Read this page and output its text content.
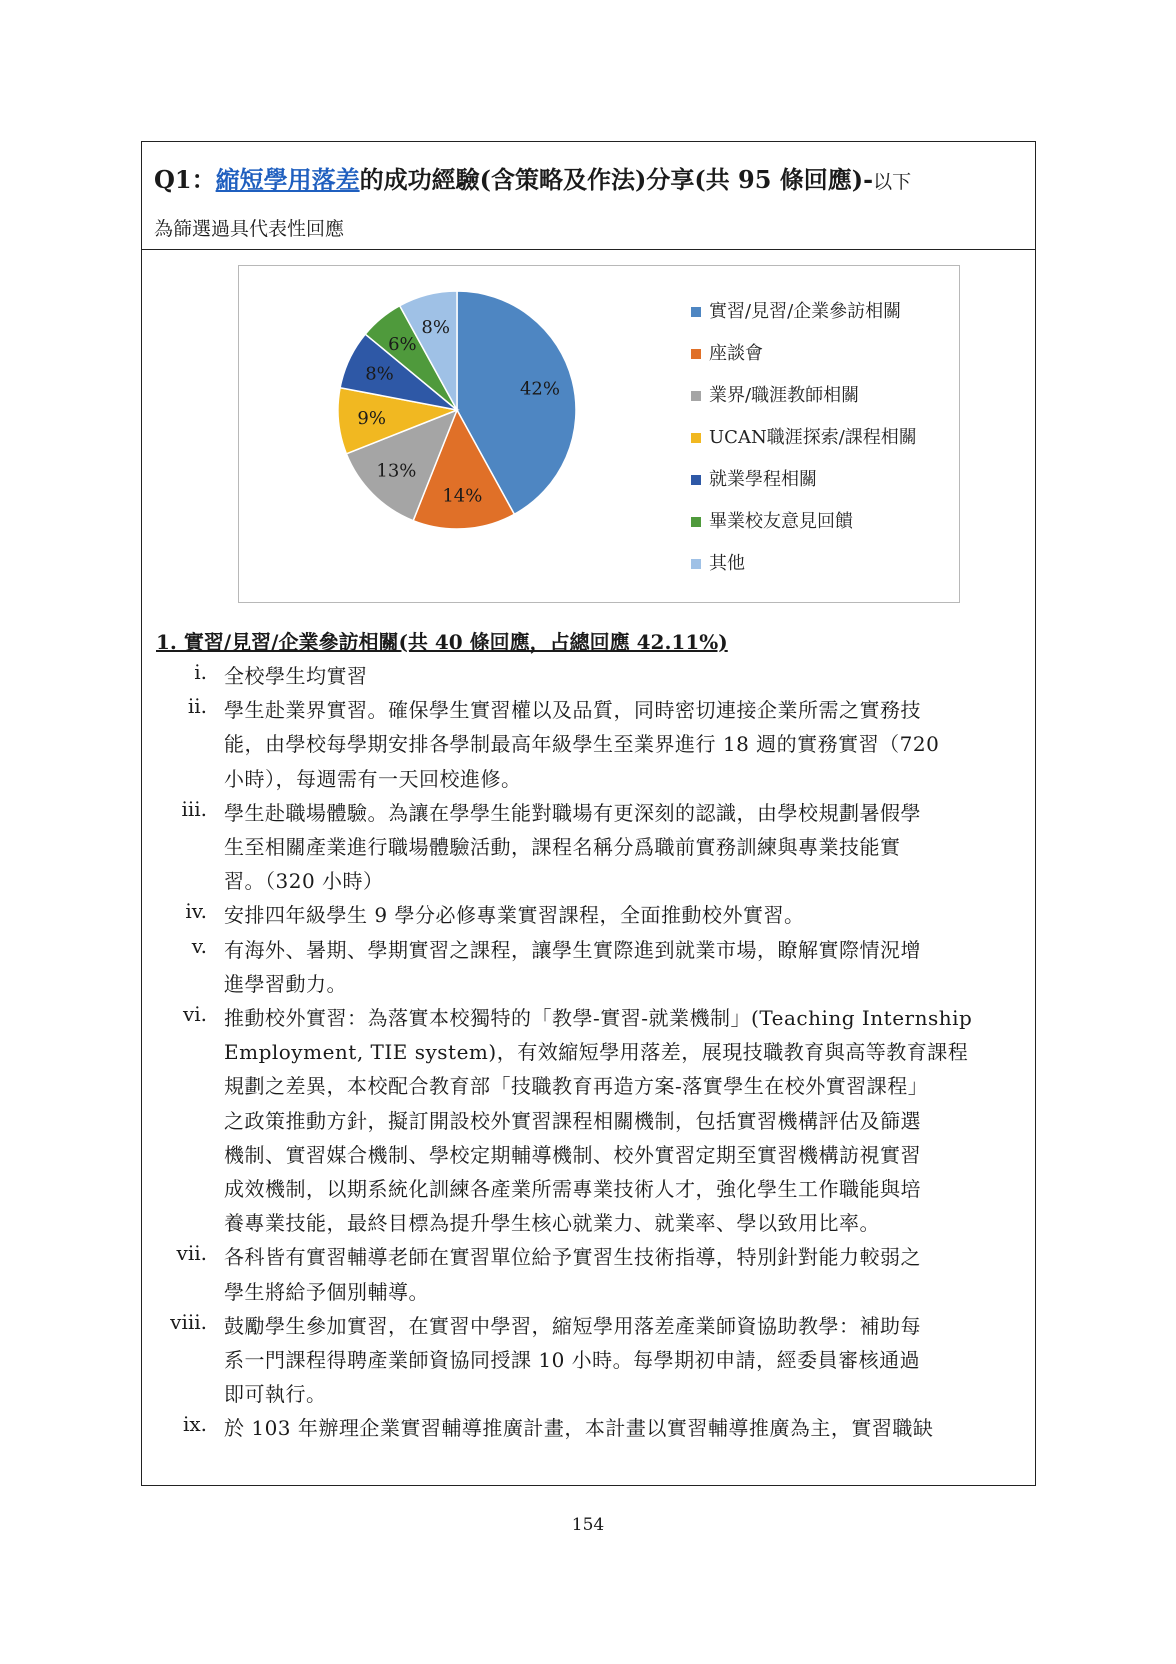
Q1：縮短學用落差的成功經驗(含策略及作法)分享(共 95 條回應)-以下
為篩選過具代表性回應
42%
14%
13%
9%
8%
6%
8%
實習/見習/企業參訪相關
座談會
業界/職涯教師相關
UCAN職涯探索/課程相關
就業學程相關
畢業校友意見回饋
其他
1. 實習/見習/企業參訪相關(共 40 條回應，占總回應 42.11%)
i. 全校學生均實習
ii. 學生赴業界實習。確保學生實習權以及品質，同時密切連接企業所需之實務技
能，由學校每學期安排各學制最高年級學生至業界進行 18 週的實務實習（720
小時），每週需有一天回校進修。
iii. 學生赴職場體驗。為讓在學學生能對職場有更深刻的認識，由學校規劃暑假學
生至相關產業進行職場體驗活動，課程名稱分爲職前實務訓練與專業技能實
習。（320 小時）
iv. 安排四年級學生 9 學分必修專業實習課程，全面推動校外實習。
v. 有海外、暑期、學期實習之課程，讓學生實際進到就業市場，瞭解實際情況增
進學習動力。
vi. 推動校外實習：為落實本校獨特的「教學-實習-就業機制」(Teaching Internship
Employment, TIE system)，有效縮短學用落差，展現技職教育與高等教育課程
規劃之差異，本校配合教育部「技職教育再造方案-落實學生在校外實習課程」
之政策推動方針，擬訂開設校外實習課程相關機制，包括實習機構評估及篩選
機制、實習媒合機制、學校定期輔導機制、校外實習定期至實習機構訪視實習
成效機制，以期系統化訓練各產業所需專業技術人才，強化學生工作職能與培
養專業技能，最終目標為提升學生核心就業力、就業率、學以致用比率。
vii. 各科皆有實習輔導老師在實習單位給予實習生技術指導，特別針對能力較弱之
學生將給予個別輔導。
viii. 鼓勵學生參加實習，在實習中學習，縮短學用落差產業師資協助教學：補助每
系一門課程得聘產業師資協同授課 10 小時。每學期初申請，經委員審核通過
即可執行。
ix. 於 103 年辦理企業實習輔導推廣計畫，本計畫以實習輔導推廣為主，實習職缺
154
